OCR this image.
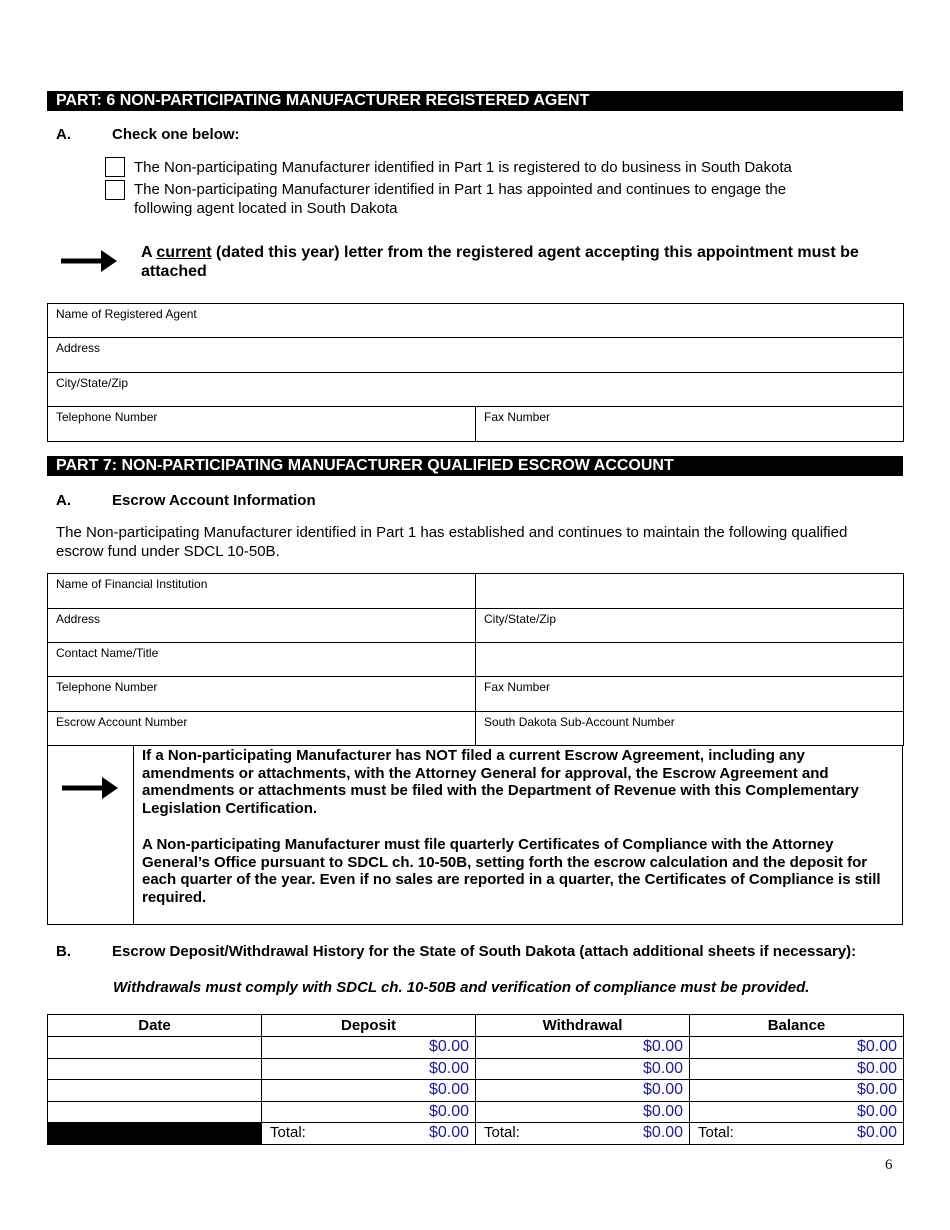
PART: 6 NON-PARTICIPATING MANUFACTURER REGISTERED AGENT
A.	Check one below:
The Non-participating Manufacturer identified in Part 1 is registered to do business in South Dakota
The Non-participating Manufacturer identified in Part 1 has appointed and continues to engage the following agent located in South Dakota
A current (dated this year) letter from the registered agent accepting this appointment must be attached
Name of Registered Agent
Address
City/State/Zip
Telephone Number	Fax Number
PART 7: NON-PARTICIPATING MANUFACTURER QUALIFIED ESCROW ACCOUNT
A.	Escrow Account Information
The Non-participating Manufacturer identified in Part 1 has established and continues to maintain the following qualified escrow fund under SDCL 10-50B.
Name of Financial Institution	
Address	City/State/Zip
Contact Name/Title	
Telephone Number	Fax Number
Escrow Account Number	South Dakota Sub-Account Number

If a Non-participating Manufacturer has NOT filed a current Escrow Agreement, including any amendments or attachments, with the Attorney General for approval, the Escrow Agreement and amendments or attachments must be filed with the Department of Revenue with this Complementary Legislation Certification.

A Non-participating Manufacturer must file quarterly Certificates of Compliance with the Attorney General’s Office pursuant to SDCL ch. 10-50B, setting forth the escrow calculation and the deposit for each quarter of the year. Even if no sales are reported in a quarter, the Certificates of Compliance is still required.

B.	Escrow Deposit/Withdrawal History for the State of South Dakota (attach additional sheets if necessary):
Withdrawals must comply with SDCL ch. 10-50B and verification of compliance must be provided.
Date	Deposit	Withdrawal	Balance
	$0.00	$0.00	$0.00
	$0.00	$0.00	$0.00
	$0.00	$0.00	$0.00
	$0.00	$0.00	$0.00

	Total: $0.00	Total: $0.00	Total: $0.00
6
